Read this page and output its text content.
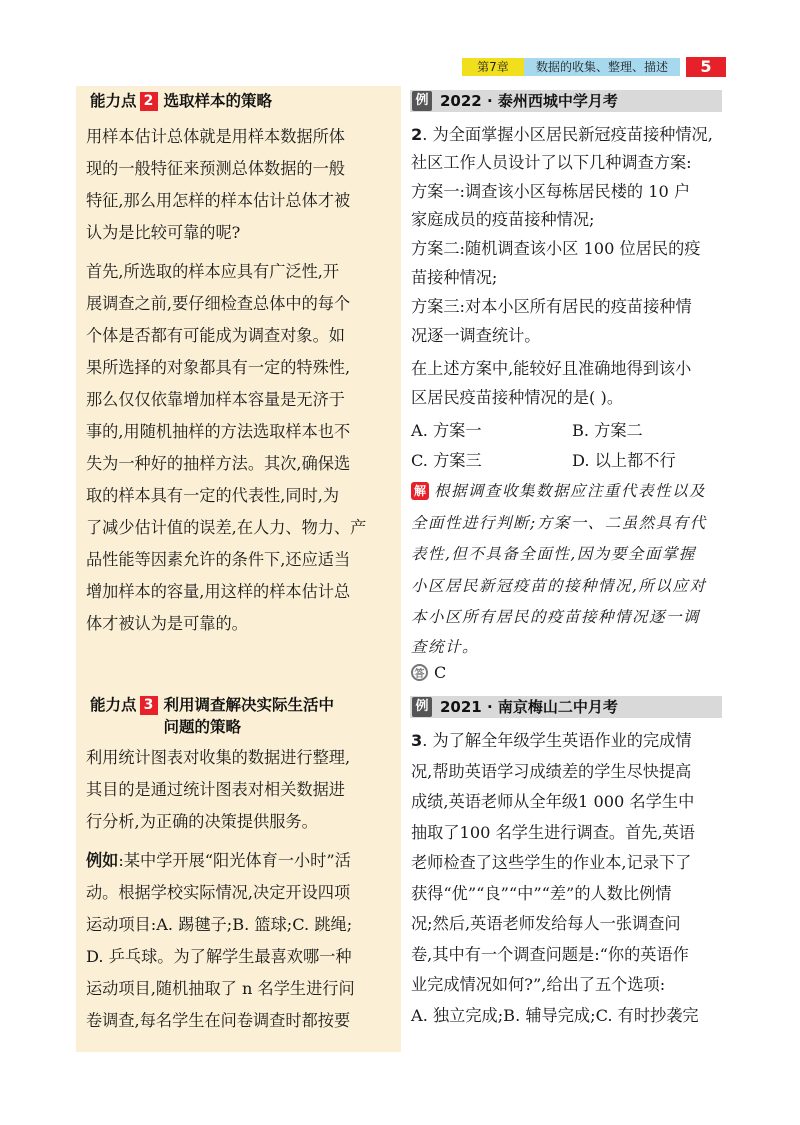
第7章	数据的收集、整理、描述	5
能力点 2 选取样本的策略
用样本估计总体就是用样本数据所体
现的一般特征来预测总体数据的一般
特征,那么用怎样的样本估计总体才被
认为是比较可靠的呢?
首先,所选取的样本应具有广泛性,开
展调查之前,要仔细检查总体中的每个
个体是否都有可能成为调查对象。如
果所选择的对象都具有一定的特殊性,
那么仅仅依靠增加样本容量是无济于
事的,用随机抽样的方法选取样本也不
失为一种好的抽样方法。其次,确保选
取的样本具有一定的代表性,同时,为
了减少估计值的误差,在人力、物力、产
品性能等因素允许的条件下,还应适当
增加样本的容量,用这样的样本估计总
体才被认为是可靠的。
能力点 3 利用调查解决实际生活中
问题的策略
利用统计图表对收集的数据进行整理,
其目的是通过统计图表对相关数据进
行分析,为正确的决策提供服务。
例如:某中学开展“阳光体育一小时”活
动。根据学校实际情况,决定开设四项
运动项目:A. 踢毽子;B. 篮球;C. 跳绳;
D. 乒乓球。为了解学生最喜欢哪一种
运动项目,随机抽取了 n 名学生进行问
卷调查,每名学生在问卷调查时都按要
例 2022 · 泰州西城中学月考
2. 为全面掌握小区居民新冠疫苗接种情况,
社区工作人员设计了以下几种调查方案:
方案一:调查该小区每栋居民楼的 10 户
家庭成员的疫苗接种情况;
方案二:随机调查该小区 100 位居民的疫
苗接种情况;
方案三:对本小区所有居民的疫苗接种情
况逐一调查统计。
在上述方案中,能较好且准确地得到该小
区居民疫苗接种情况的是( )。
A. 方案一	B. 方案二
C. 方案三	D. 以上都不行
解 根据调查收集数据应注重代表性以及
全面性进行判断;方案一、二虽然具有代
表性,但不具备全面性,因为要全面掌握
小区居民新冠疫苗的接种情况,所以应对
本小区所有居民的疫苗接种情况逐一调
查统计。
答 C
例 2021 · 南京梅山二中月考
3. 为了解全年级学生英语作业的完成情
况,帮助英语学习成绩差的学生尽快提高
成绩,英语老师从全年级1 000 名学生中
抽取了100 名学生进行调查。首先,英语
老师检查了这些学生的作业本,记录下了
获得“优”“良”“中”“差”的人数比例情
况;然后,英语老师发给每人一张调查问
卷,其中有一个调查问题是:“你的英语作
业完成情况如何?”,给出了五个选项:
A. 独立完成;B. 辅导完成;C. 有时抄袭完
